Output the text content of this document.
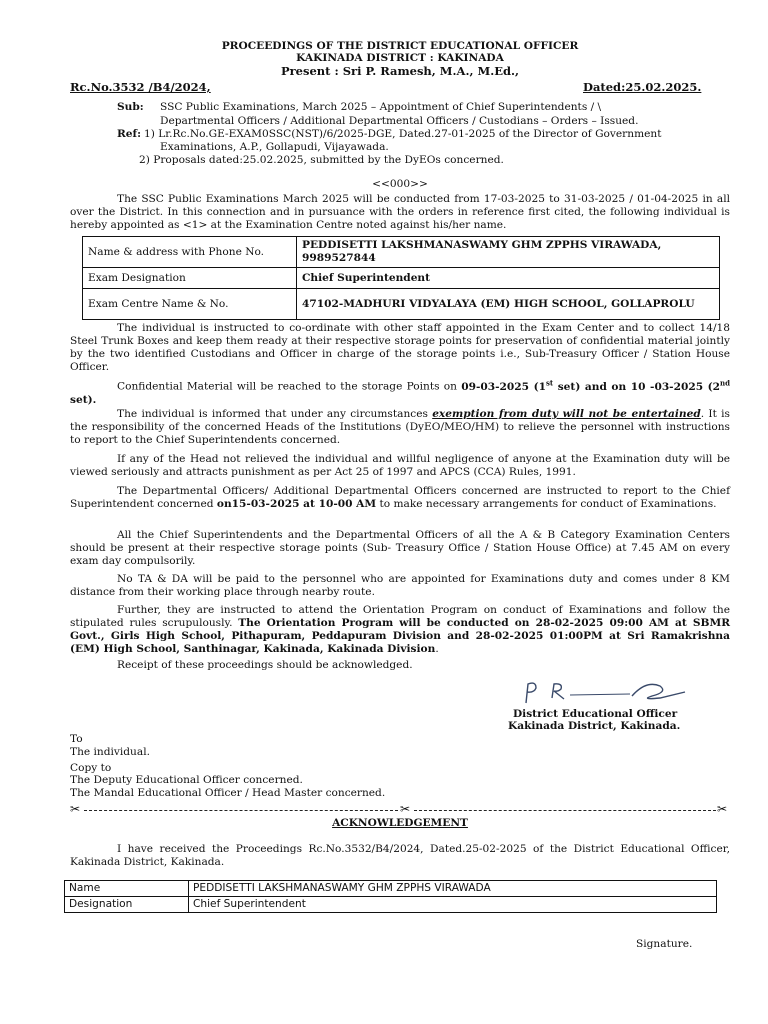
PROCEEDINGS OF THE DISTRICT EDUCATIONAL OFFICER
KAKINADA DISTRICT : KAKINADA
Present : Sri P. Ramesh, M.A., M.Ed.,
Rc.No.3532 /B4/2024,	Dated:25.02.2025.
Sub: SSC Public Examinations, March 2025 – Appointment of Chief Superintendents / \
Departmental Officers / Additional Departmental Officers / Custodians – Orders – Issued.
Ref: 1) Lr.Rc.No.GE-EXAM0SSC(NST)/6/2025-DGE, Dated.27-01-2025 of the Director of Government
Examinations, A.P., Gollapudi, Vijayawada.
2) Proposals dated:25.02.2025, submitted by the DyEOs concerned.
<<000>>
The SSC Public Examinations March 2025 will be conducted from 17-03-2025 to 31-03-2025 / 01-04-2025 in all over the District. In this connection and in pursuance with the orders in reference first cited, the following individual is hereby appointed as <1> at the Examination Centre noted against his/her name.
Name & address with Phone No.	PEDDISETTI LAKSHMANASWAMY GHM ZPPHS VIRAWADA, 9989527844
Exam Designation	Chief Superintendent
Exam Centre Name & No.	47102-MADHURI VIDYALAYA (EM) HIGH SCHOOL, GOLLAPROLU
The individual is instructed to co-ordinate with other staff appointed in the Exam Center and to collect 14/18 Steel Trunk Boxes and keep them ready at their respective storage points for preservation of confidential material jointly by the two identified Custodians and Officer in charge of the storage points i.e., Sub-Treasury Officer / Station House Officer.
Confidential Material will be reached to the storage Points on 09-03-2025 (1st set) and on 10 -03-2025 (2nd set).
The individual is informed that under any circumstances exemption from duty will not be entertained. It is the responsibility of the concerned Heads of the Institutions (DyEO/MEO/HM) to relieve the personnel with instructions to report to the Chief Superintendents concerned.
If any of the Head not relieved the individual and willful negligence of anyone at the Examination duty will be viewed seriously and attracts punishment as per Act 25 of 1997 and APCS (CCA) Rules, 1991.
The Departmental Officers/ Additional Departmental Officers concerned are instructed to report to the Chief Superintendent concerned on15-03-2025 at 10-00 AM to make necessary arrangements for conduct of Examinations.
All the Chief Superintendents and the Departmental Officers of all the A & B Category Examination Centers should be present at their respective storage points (Sub- Treasury Office / Station House Office) at 7.45 AM on every exam day compulsorily.
No TA & DA will be paid to the personnel who are appointed for Examinations duty and comes under 8 KM distance from their working place through nearby route.
Further, they are instructed to attend the Orientation Program on conduct of Examinations and follow the stipulated rules scrupulously. The Orientation Program will be conducted on 28-02-2025 09:00 AM at SBMR Govt., Girls High School, Pithapuram, Peddapuram Division and 28-02-2025 01:00PM at Sri Ramakrishna (EM) High School, Santhinagar, Kakinada, Kakinada Division.
Receipt of these proceedings should be acknowledged.
District Educational Officer
Kakinada District, Kakinada.
To
The individual.
Copy to
The Deputy Educational Officer concerned.
The Mandal Educational Officer / Head Master concerned.
✂	✂	✂
ACKNOWLEDGEMENT
I have received the Proceedings Rc.No.3532/B4/2024, Dated.25-02-2025 of the District Educational Officer, Kakinada District, Kakinada.
Name	PEDDISETTI LAKSHMANASWAMY GHM ZPPHS VIRAWADA
Designation	Chief Superintendent
Signature.
